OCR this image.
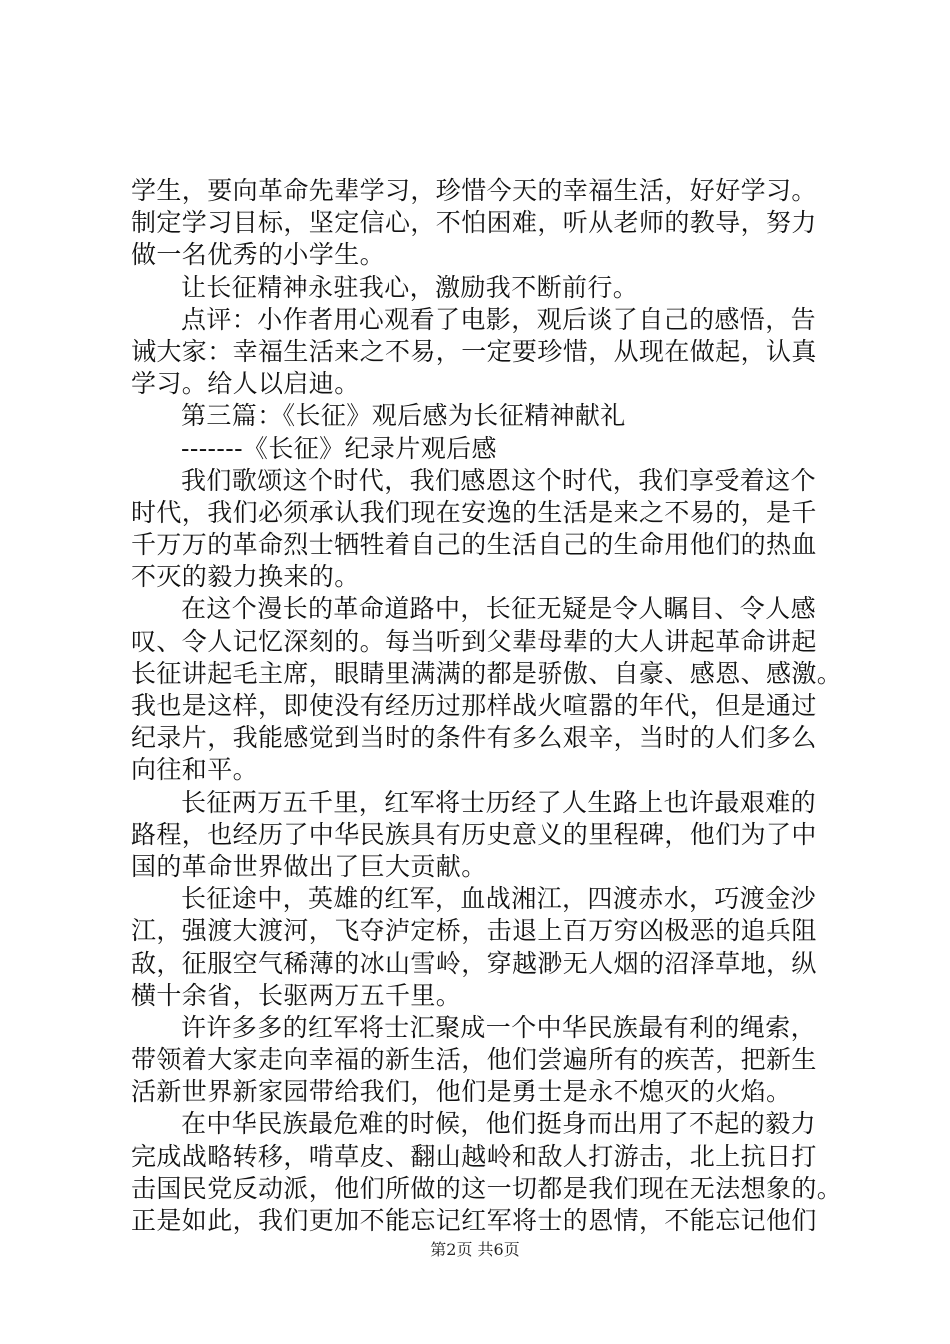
学生，要向革命先辈学习，珍惜今天的幸福生活，好好学习。
制定学习目标，坚定信心，不怕困难，听从老师的教导，努力
做一名优秀的小学生。
让长征精神永驻我心，激励我不断前行。
点评：小作者用心观看了电影，观后谈了自己的感悟，告
诫大家：幸福生活来之不易，一定要珍惜，从现在做起，认真
学习。给人以启迪。
第三篇：《长征》观后感为长征精神献礼
-------《长征》纪录片观后感
我们歌颂这个时代，我们感恩这个时代，我们享受着这个
时代，我们必须承认我们现在安逸的生活是来之不易的，是千
千万万的革命烈士牺牲着自己的生活自己的生命用他们的热血
不灭的毅力换来的。
在这个漫长的革命道路中，长征无疑是令人瞩目、令人感
叹、令人记忆深刻的。每当听到父辈母辈的大人讲起革命讲起
长征讲起毛主席，眼睛里满满的都是骄傲、自豪、感恩、感激。
我也是这样，即使没有经历过那样战火喧嚣的年代，但是通过
纪录片，我能感觉到当时的条件有多么艰辛，当时的人们多么
向往和平。
长征两万五千里，红军将士历经了人生路上也许最艰难的
路程，也经历了中华民族具有历史意义的里程碑，他们为了中
国的革命世界做出了巨大贡献。
长征途中，英雄的红军，血战湘江，四渡赤水，巧渡金沙
江，强渡大渡河，飞夺泸定桥，击退上百万穷凶极恶的追兵阻
敌，征服空气稀薄的冰山雪岭，穿越渺无人烟的沼泽草地，纵
横十余省，长驱两万五千里。
许许多多的红军将士汇聚成一个中华民族最有利的绳索，
带领着大家走向幸福的新生活，他们尝遍所有的疾苦，把新生
活新世界新家园带给我们，他们是勇士是永不熄灭的火焰。
在中华民族最危难的时候，他们挺身而出用了不起的毅力
完成战略转移，啃草皮、翻山越岭和敌人打游击，北上抗日打
击国民党反动派，他们所做的这一切都是我们现在无法想象的。
正是如此，我们更加不能忘记红军将士的恩情，不能忘记他们
第2页 共6页
